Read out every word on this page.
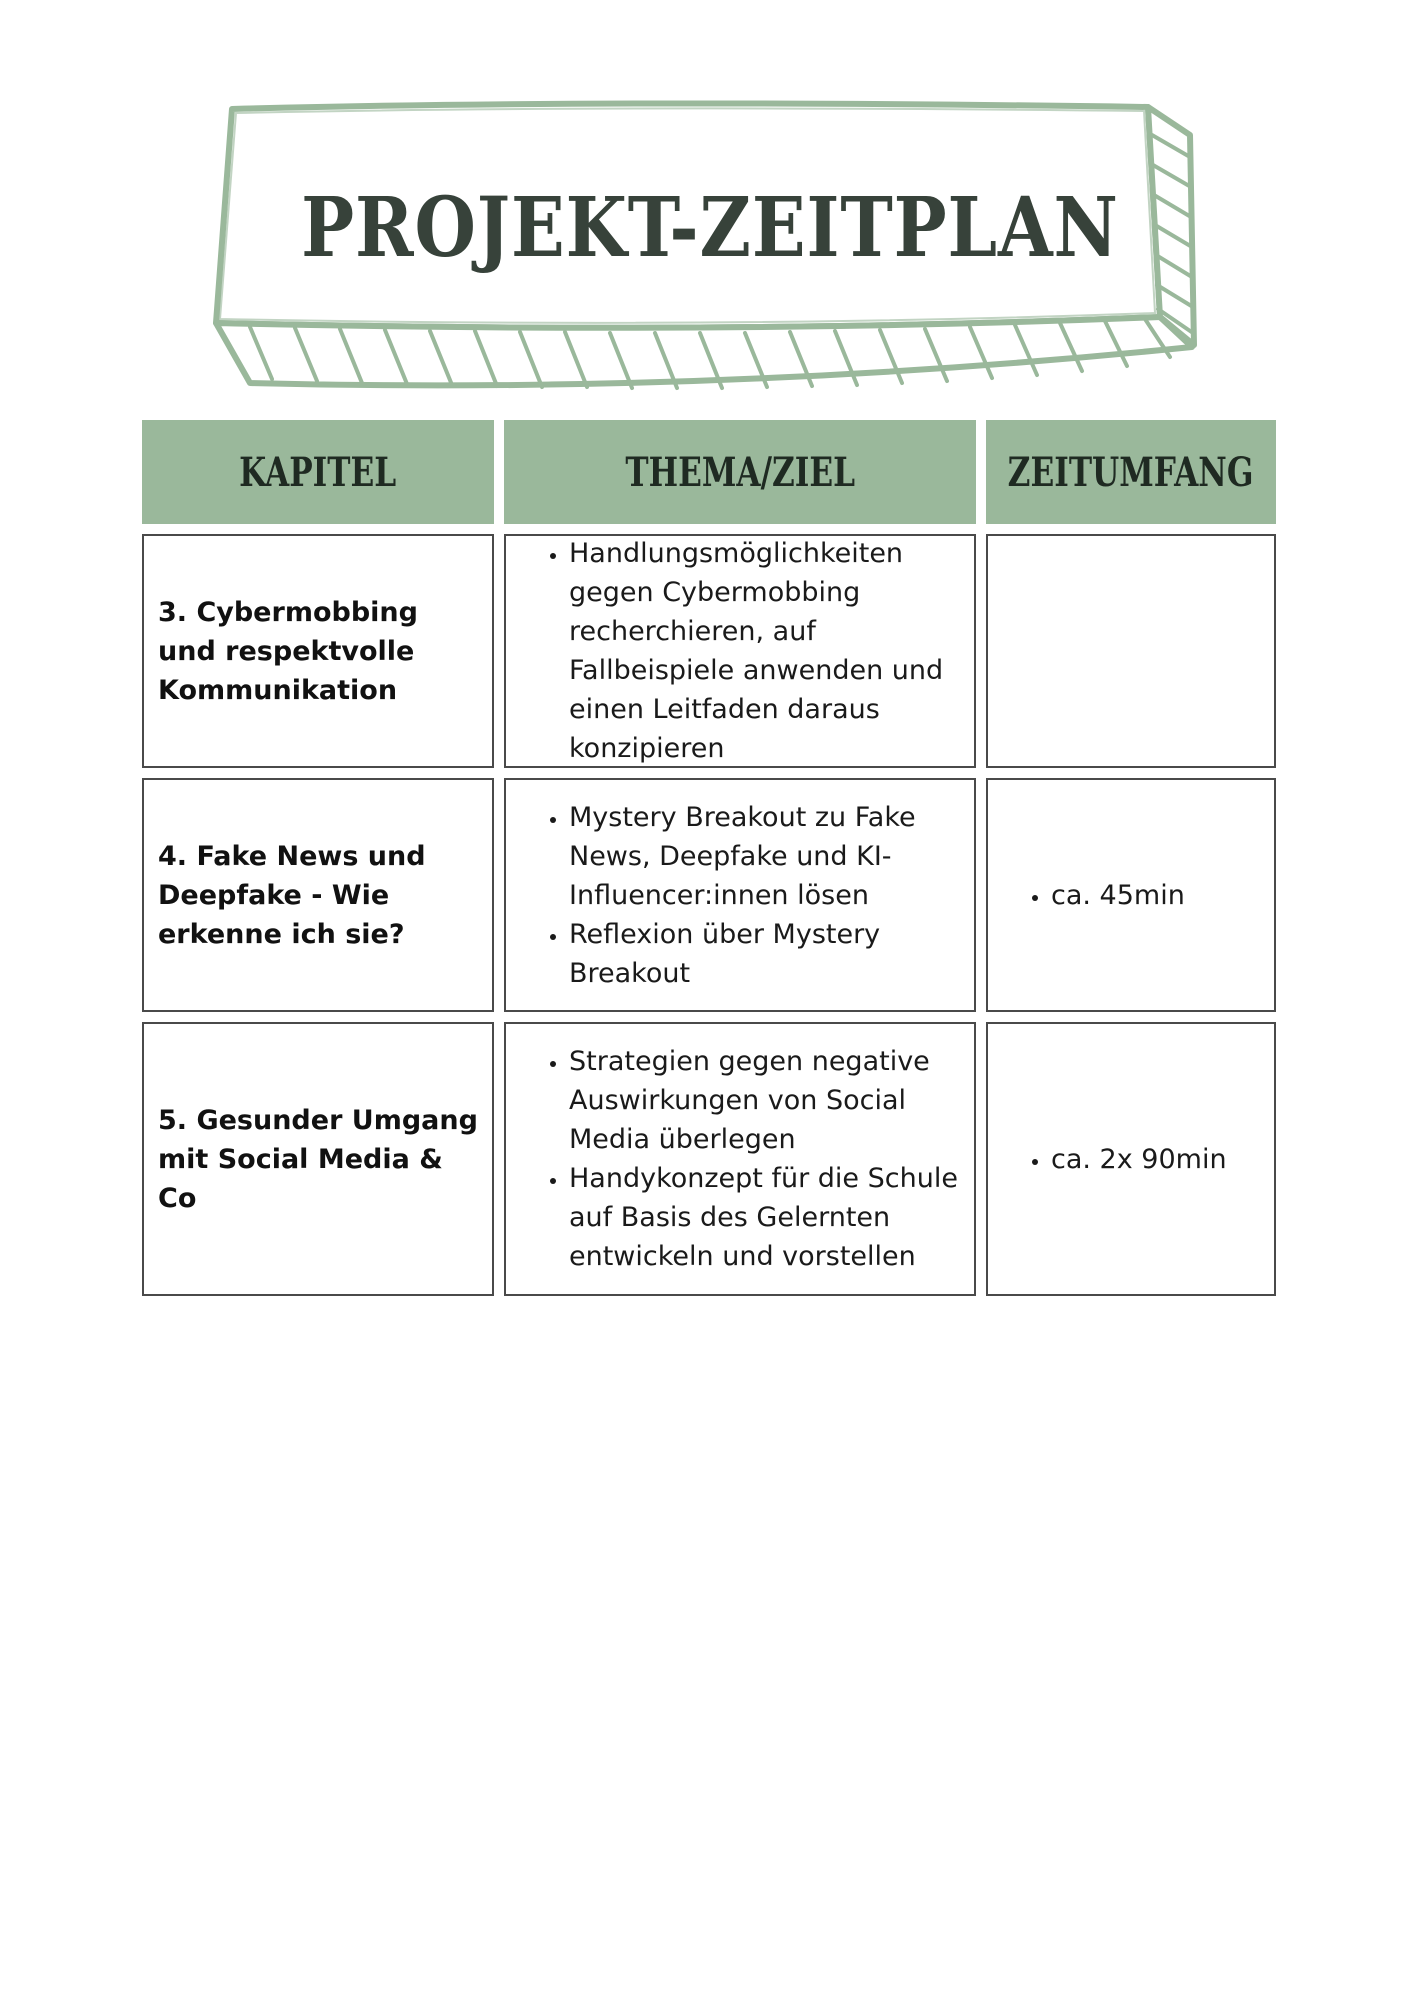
PROJEKT-ZEITPLAN
KAPITEL	THEMA/ZIEL	ZEITUMFANG
3. Cybermobbing und respektvolle Kommunikation
• Handlungsmöglichkeiten gegen Cybermobbing recherchieren, auf Fallbeispiele anwenden und einen Leitfaden daraus konzipieren
4. Fake News und Deepfake - Wie erkenne ich sie?
• Mystery Breakout zu Fake News, Deepfake und KI-Influencer:innen lösen
• Reflexion über Mystery Breakout
• ca. 45min
5. Gesunder Umgang mit Social Media & Co
• Strategien gegen negative Auswirkungen von Social Media überlegen
• Handykonzept für die Schule auf Basis des Gelernten entwickeln und vorstellen
• ca. 2x 90min
